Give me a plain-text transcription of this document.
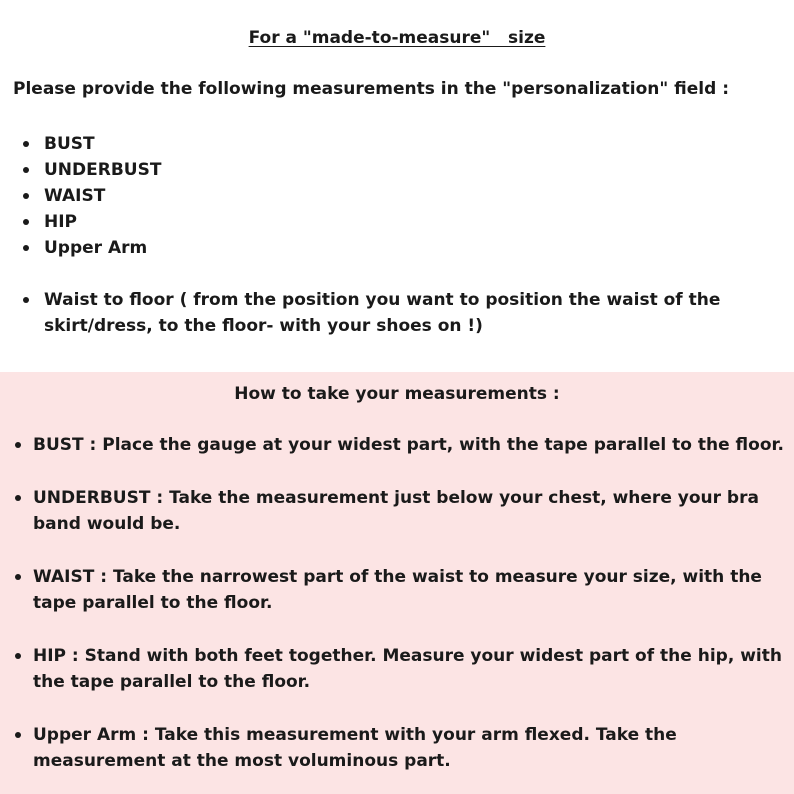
For a "made-to-measure"   size
Please provide the following measurements in the "personalization" field :
BUST
UNDERBUST
WAIST
HIP
Upper Arm
Waist to floor ( from the position you want to position the waist of the skirt/dress, to the floor- with your shoes on !)
How to take your measurements :
BUST : Place the gauge at your widest part, with the tape parallel to the floor.
UNDERBUST : Take the measurement just below your chest, where your bra band would be.
WAIST : Take the narrowest part of the waist to measure your size, with the tape parallel to the floor.
HIP : Stand with both feet together. Measure your widest part of the hip, with the tape parallel to the floor.
Upper Arm : Take this measurement with your arm flexed. Take the measurement at the most voluminous part.
